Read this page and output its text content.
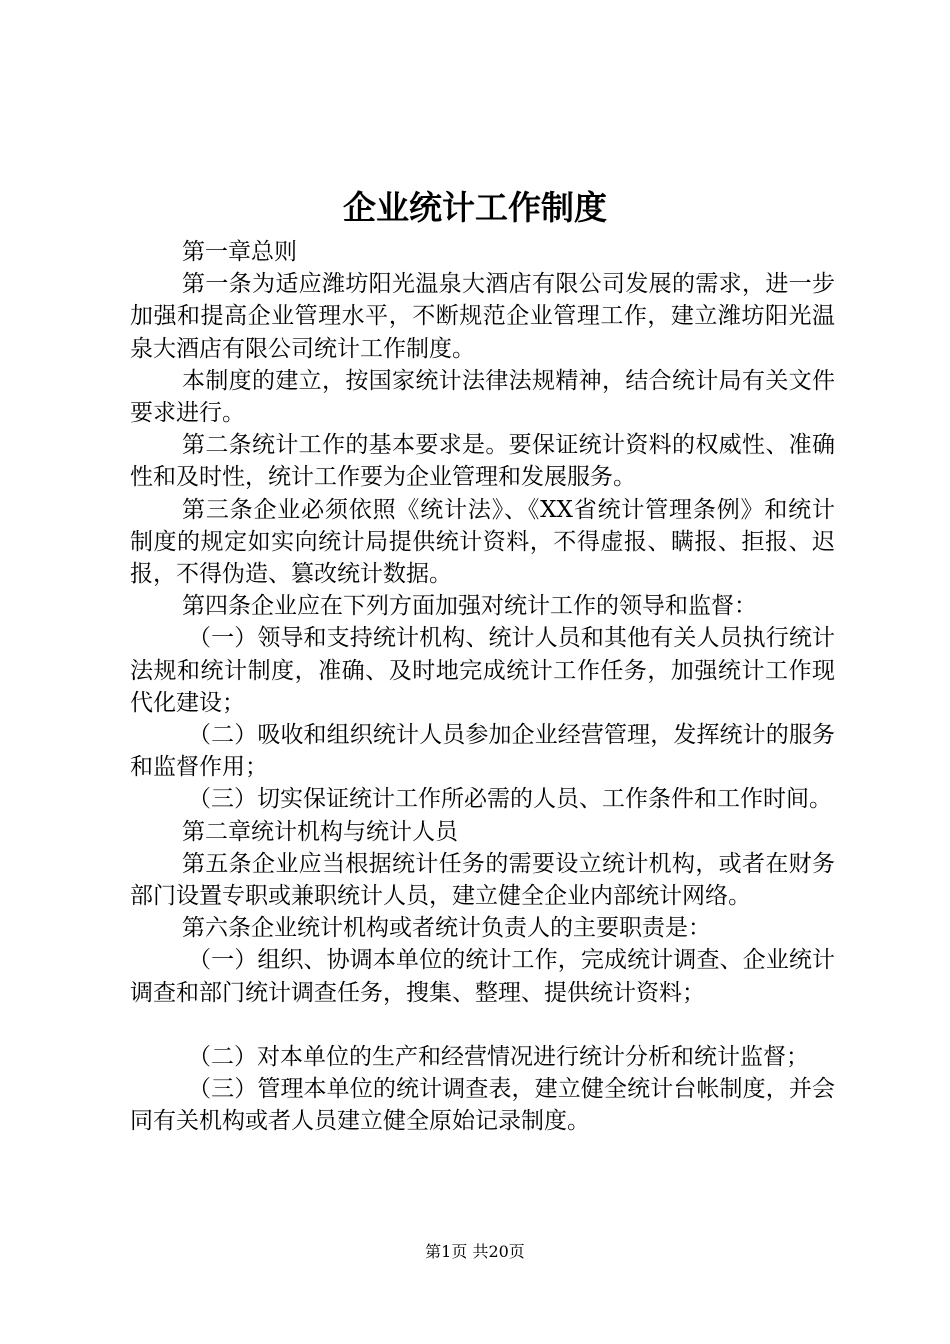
企业统计工作制度

第一章总则

第一条为适应潍坊阳光温泉大酒店有限公司发展的需求，进一步加强和提高企业管理水平，不断规范企业管理工作，建立潍坊阳光温泉大酒店有限公司统计工作制度。

本制度的建立，按国家统计法律法规精神，结合统计局有关文件要求进行。

第二条统计工作的基本要求是。要保证统计资料的权威性、准确性和及时性，统计工作要为企业管理和发展服务。

第三条企业必须依照《统计法》、《XX省统计管理条例》和统计制度的规定如实向统计局提供统计资料，不得虚报、瞒报、拒报、迟报，不得伪造、篡改统计数据。

第四条企业应在下列方面加强对统计工作的领导和监督：

（一）领导和支持统计机构、统计人员和其他有关人员执行统计法规和统计制度，准确、及时地完成统计工作任务，加强统计工作现代化建设；

（二）吸收和组织统计人员参加企业经营管理，发挥统计的服务和监督作用；

（三）切实保证统计工作所必需的人员、工作条件和工作时间。

第二章统计机构与统计人员

第五条企业应当根据统计任务的需要设立统计机构，或者在财务部门设置专职或兼职统计人员，建立健全企业内部统计网络。

第六条企业统计机构或者统计负责人的主要职责是：

（一）组织、协调本单位的统计工作，完成统计调查、企业统计调查和部门统计调查任务，搜集、整理、提供统计资料；

（二）对本单位的生产和经营情况进行统计分析和统计监督；

（三）管理本单位的统计调查表，建立健全统计台帐制度，并会同有关机构或者人员建立健全原始记录制度。

第1页 共20页
